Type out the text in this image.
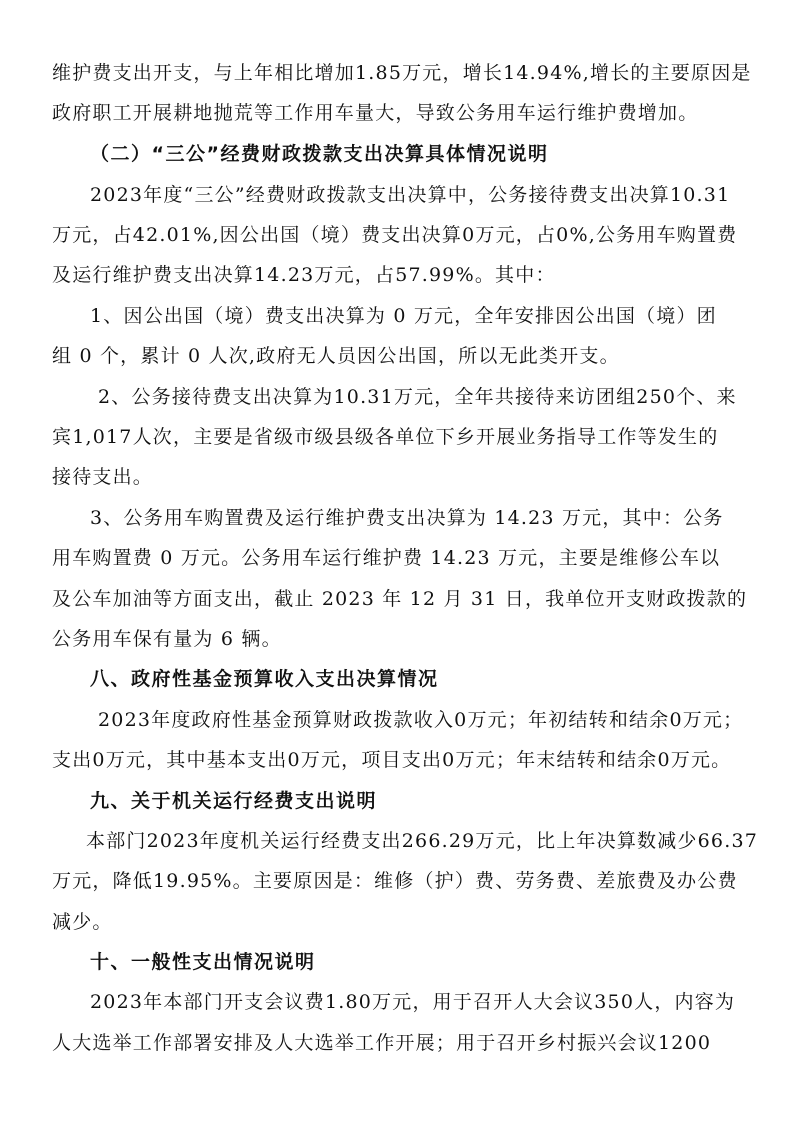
维护费支出开支，与上年相比增加1.85万元，增长14.94%,增长的主要原因是
政府职工开展耕地抛荒等工作用车量大，导致公务用车运行维护费增加。
（二）“三公”经费财政拨款支出决算具体情况说明
2023年度“三公”经费财政拨款支出决算中，公务接待费支出决算10.31
万元，占42.01%,因公出国（境）费支出决算0万元，占0%,公务用车购置费
及运行维护费支出决算14.23万元，占57.99%。其中：
1、因公出国（境）费支出决算为 0 万元，全年安排因公出国（境）团
组 0 个，累计 0 人次,政府无人员因公出国，所以无此类开支。
2、公务接待费支出决算为10.31万元，全年共接待来访团组250个、来
宾1,017人次，主要是省级市级县级各单位下乡开展业务指导工作等发生的
接待支出。
3、公务用车购置费及运行维护费支出决算为 14.23 万元，其中：公务
用车购置费 0 万元。公务用车运行维护费 14.23 万元，主要是维修公车以
及公车加油等方面支出，截止 2023 年 12 月 31 日，我单位开支财政拨款的
公务用车保有量为 6 辆。
八、政府性基金预算收入支出决算情况
2023年度政府性基金预算财政拨款收入0万元；年初结转和结余0万元；
支出0万元，其中基本支出0万元，项目支出0万元；年末结转和结余0万元。
九、关于机关运行经费支出说明
本部门2023年度机关运行经费支出266.29万元，比上年决算数减少66.37
万元，降低19.95%。主要原因是：维修（护）费、劳务费、差旅费及办公费
减少。
十、一般性支出情况说明
2023年本部门开支会议费1.80万元，用于召开人大会议350人，内容为
人大选举工作部署安排及人大选举工作开展；用于召开乡村振兴会议1200
